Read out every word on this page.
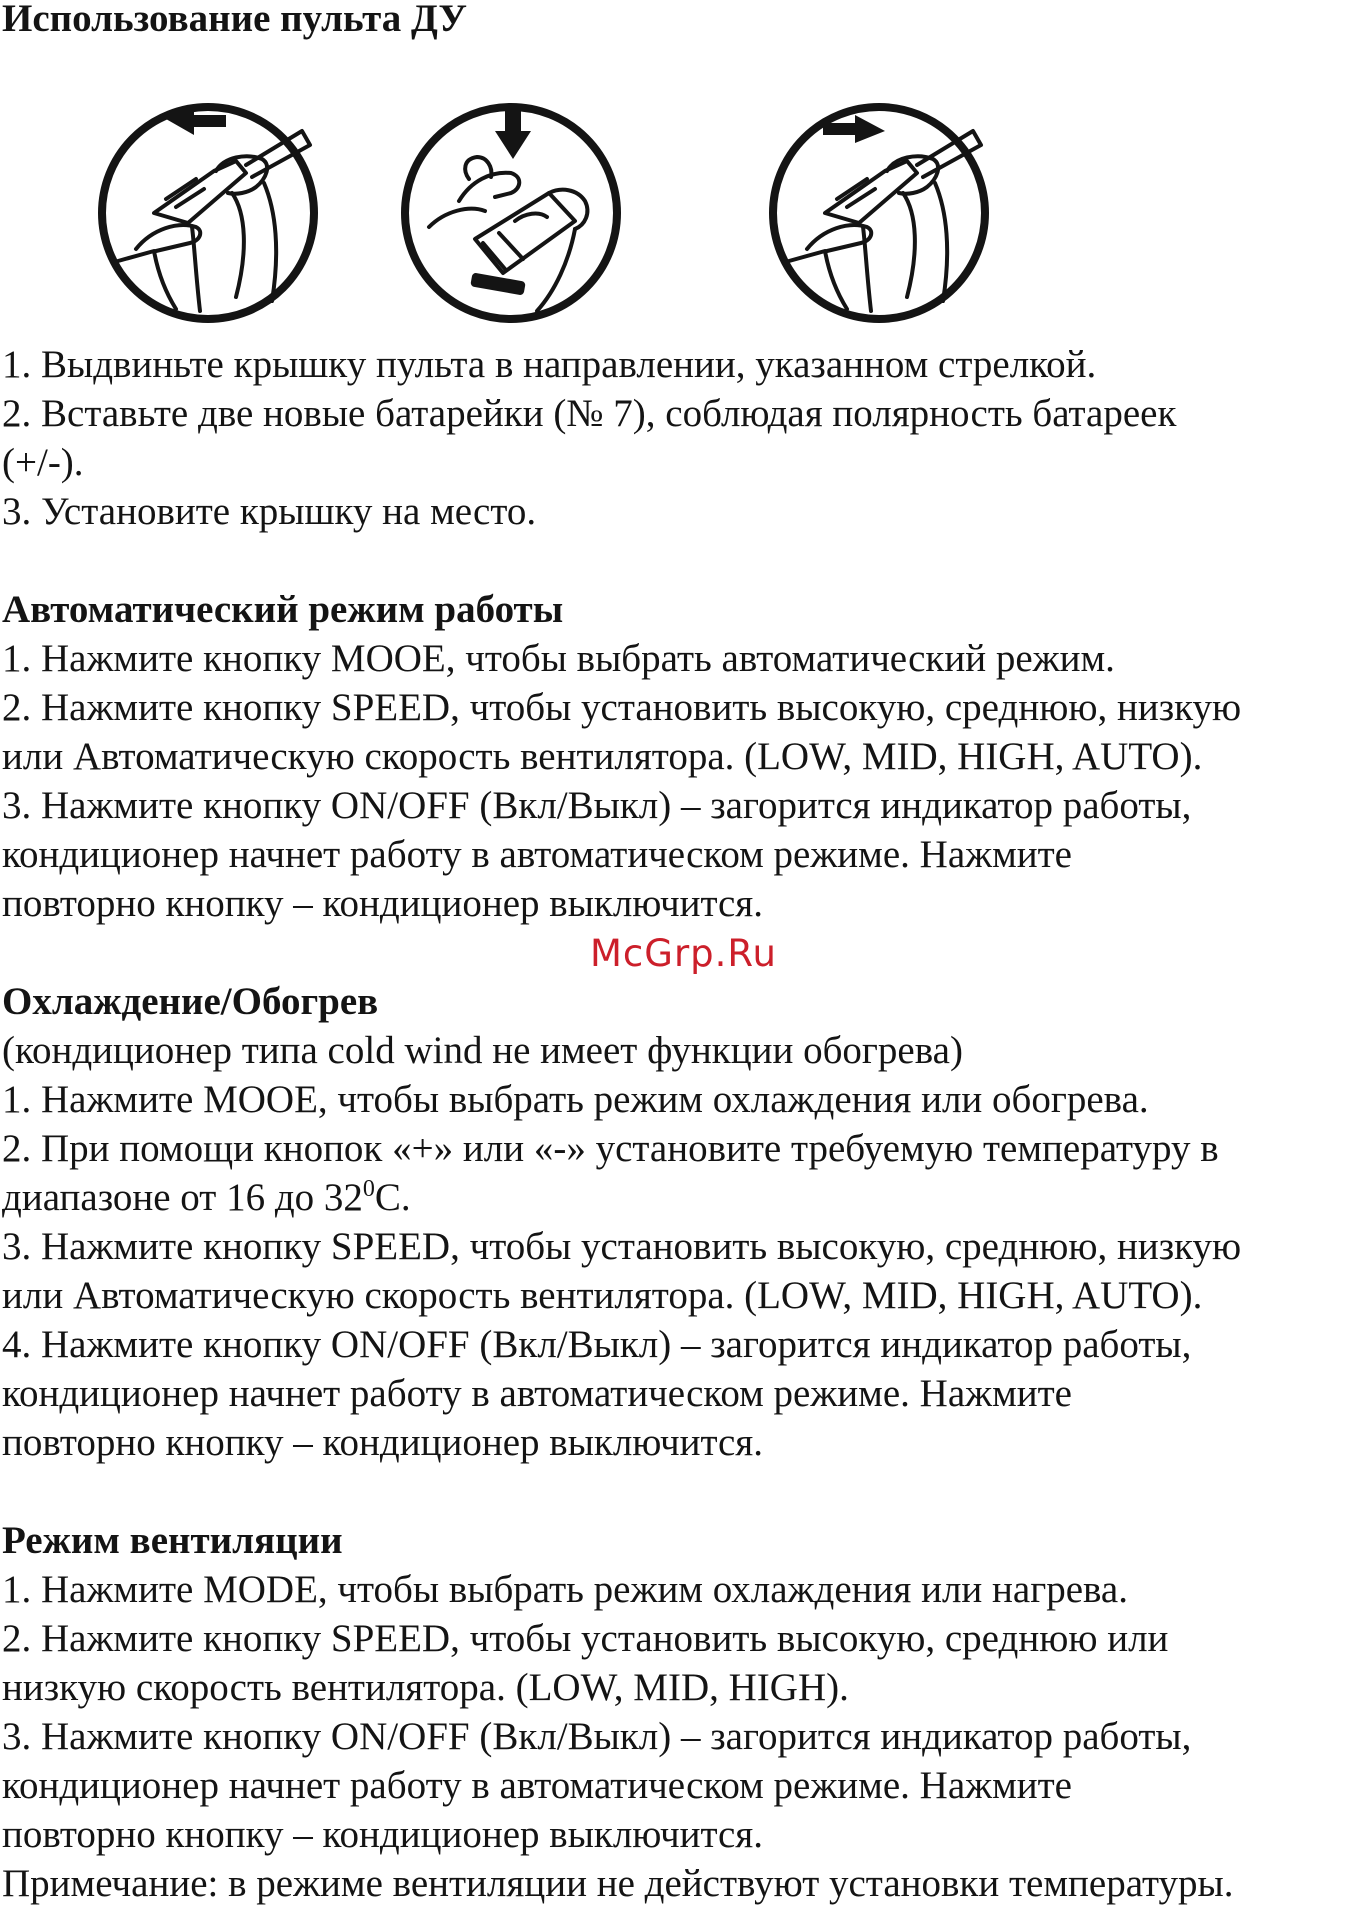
Использование пульта ДУ
1. Выдвиньте крышку пульта в направлении, указанном стрелкой.
2. Вставьте две новые батарейки (№ 7), соблюдая полярность батареек
(+/-).
3. Установите крышку на место.
Автоматический режим работы
1. Нажмите кнопку МООЕ, чтобы выбрать автоматический режим.
2. Нажмите кнопку SPEED, чтобы установить высокую, среднюю, низкую
или Автоматическую скорость вентилятора. (LOW, MID, HIGH, AUTO).
3. Нажмите кнопку ON/OFF (Вкл/Выкл) – загорится индикатор работы,
кондиционер начнет работу в автоматическом режиме. Нажмите
повторно кнопку – кондиционер выключится.
McGrp.Ru
Охлаждение/Обогрев
(кондиционер типа cold wind не имеет функции обогрева)
1. Нажмите МООЕ, чтобы выбрать режим охлаждения или обогрева.
2. При помощи кнопок «+» или «-» установите требуемую температуру в
диапазоне от 16 до $32^0С$.
3. Нажмите кнопку SPEED, чтобы установить высокую, среднюю, низкую
или Автоматическую скорость вентилятора. (LOW, MID, HIGH, AUTO).
4. Нажмите кнопку ON/OFF (Вкл/Выкл) – загорится индикатор работы,
кондиционер начнет работу в автоматическом режиме. Нажмите
повторно кнопку – кондиционер выключится.
Режим вентиляции
1. Нажмите MODE, чтобы выбрать режим охлаждения или нагрева.
2. Нажмите кнопку SPEED, чтобы установить высокую, среднюю или
низкую скорость вентилятора. (LOW, MID, HIGH).
3. Нажмите кнопку ON/OFF (Вкл/Выкл) – загорится индикатор работы,
кондиционер начнет работу в автоматическом режиме. Нажмите
повторно кнопку – кондиционер выключится.
Примечание: в режиме вентиляции не действуют установки температуры.
